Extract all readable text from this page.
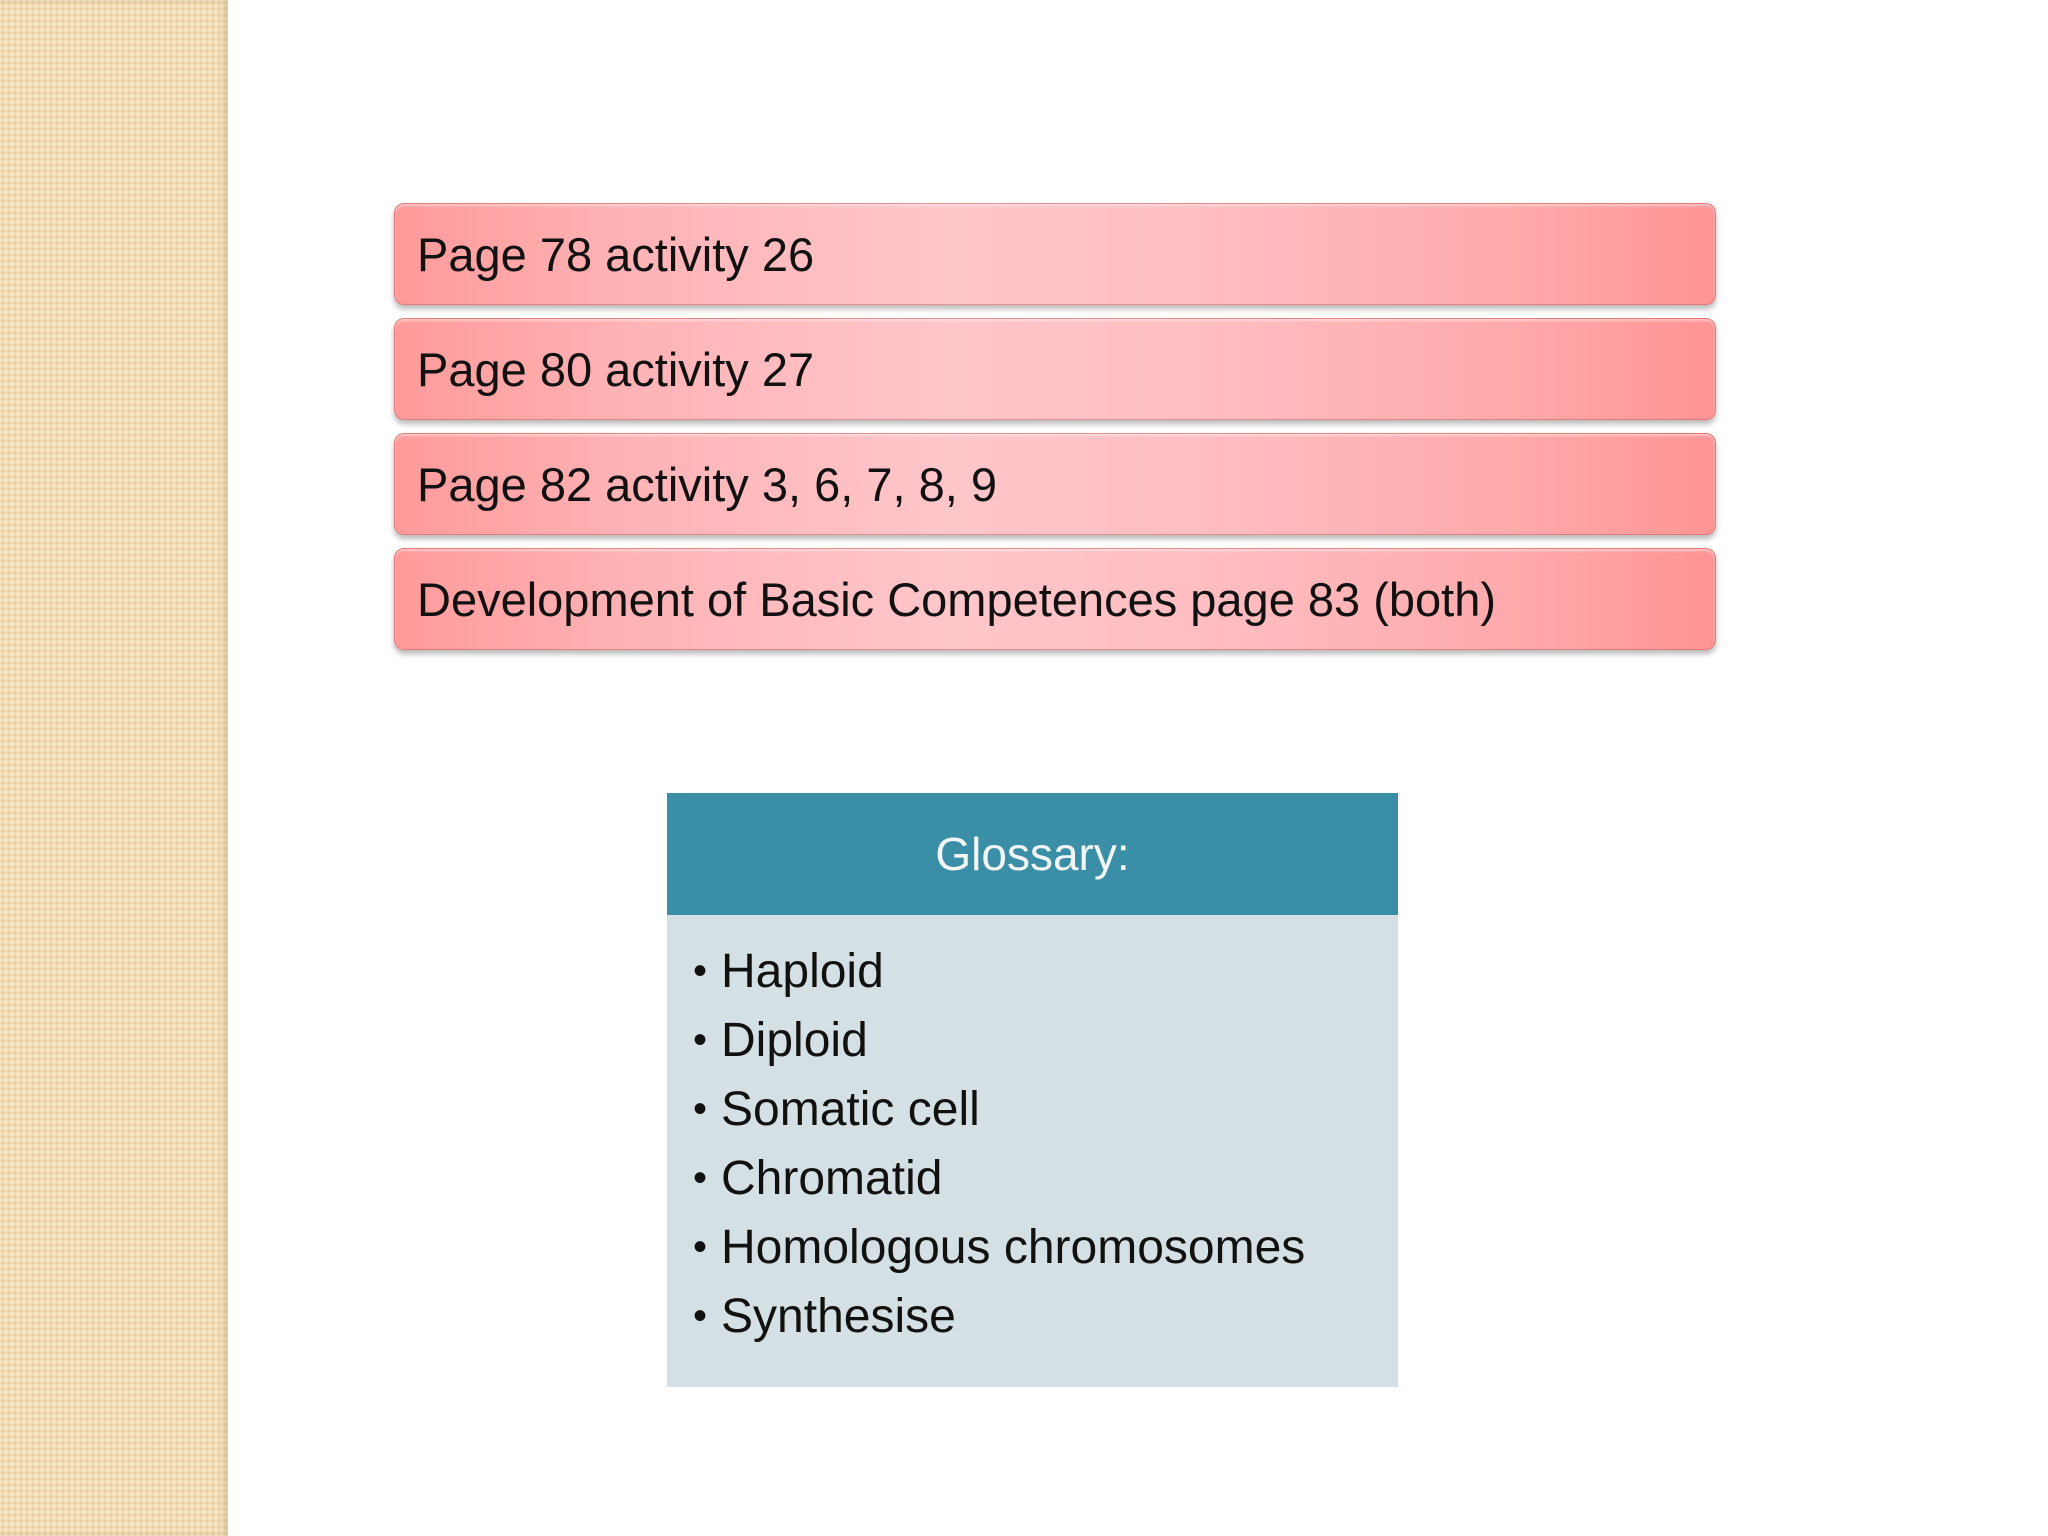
Page 78 activity 26
Page 80 activity 27
Page 82 activity 3, 6, 7, 8, 9
Development of Basic Competences page 83 (both)
Glossary:
• Haploid
• Diploid
• Somatic cell
• Chromatid
• Homologous chromosomes
• Synthesise
